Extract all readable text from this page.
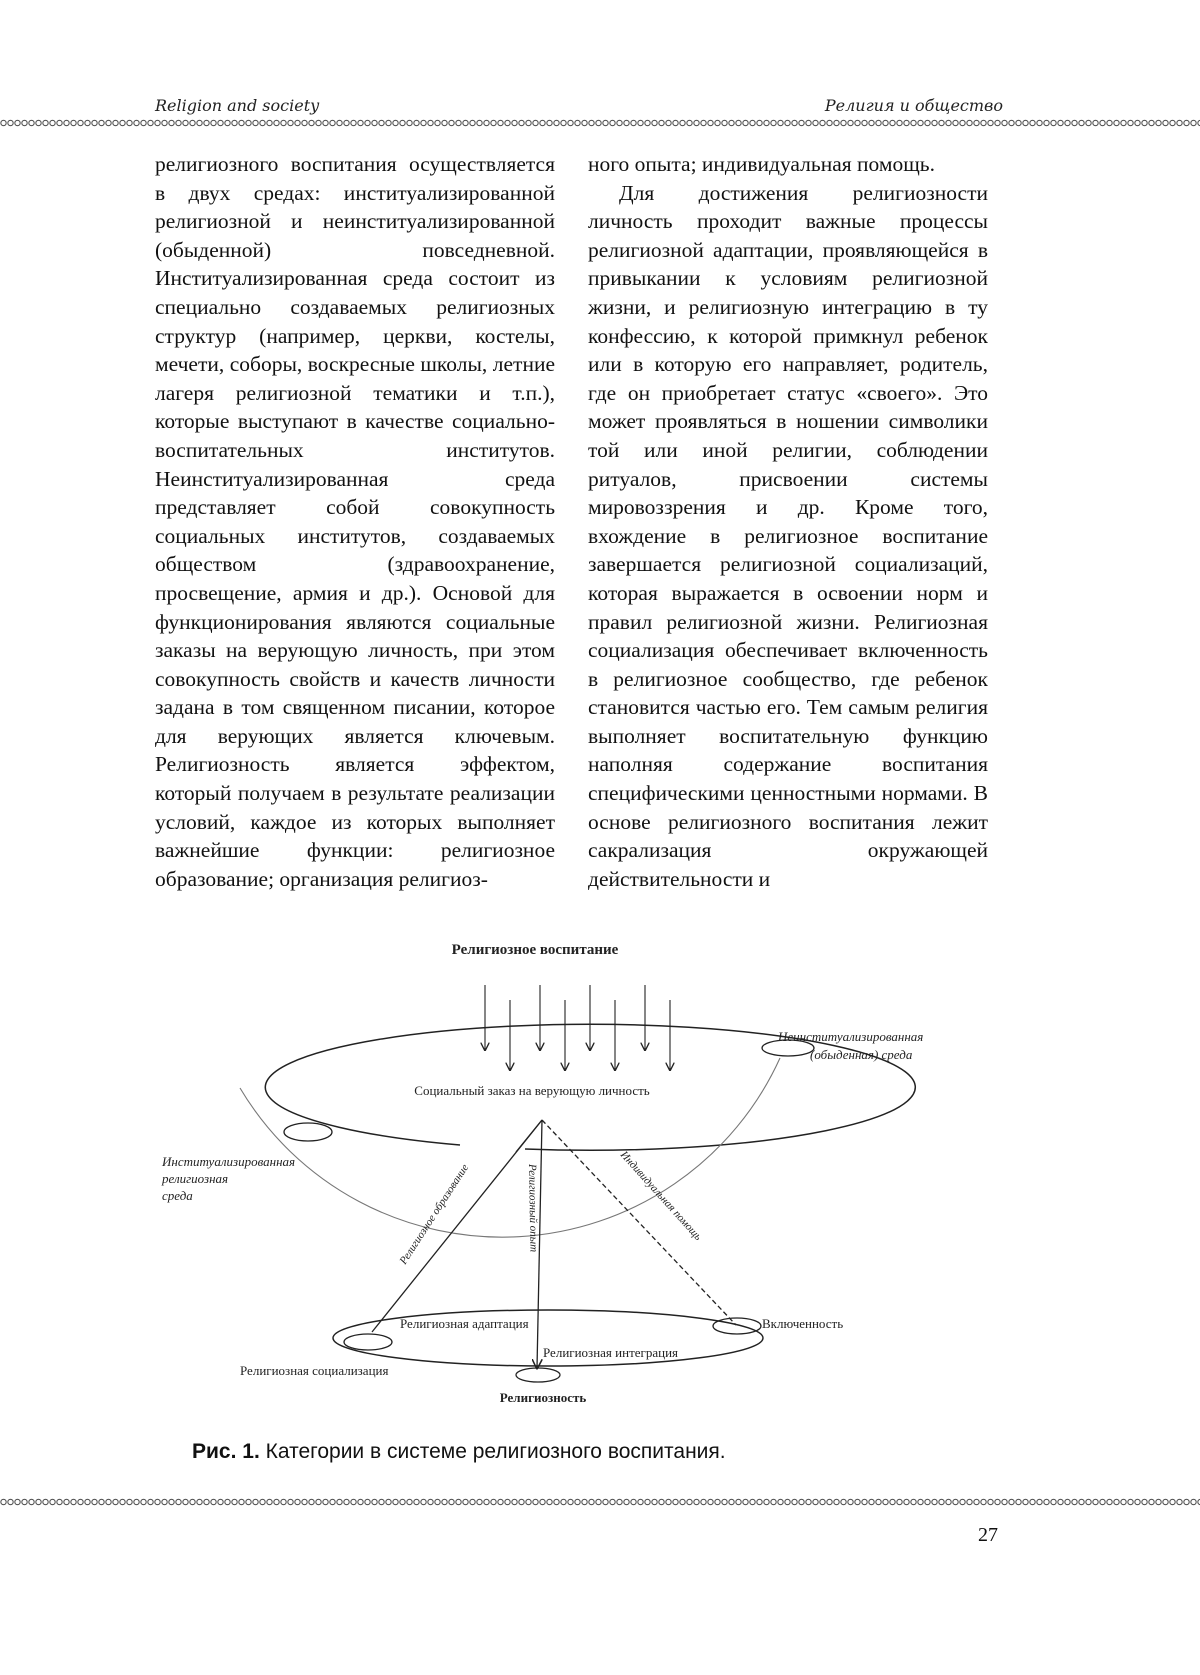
Religion and society	Религия и общество

религиозного воспитания осуществляется в двух средах: институализированной религиозной и неинституализированной (обыденной) повседневной. Институализированная среда состоит из специально создаваемых религиозных структур (например, церкви, костелы, мечети, соборы, воскресные школы, летние лагеря религиозной тематики и т.п.), которые выступают в качестве социально-воспитательных институтов. Неинституализированная среда представляет собой совокупность социальных институтов, создаваемых обществом (здравоохранение, просвещение, армия и др.). Основой для функционирования являются социальные заказы на верующую личность, при этом совокупность свойств и качеств личности задана в том священном писании, которое для верующих является ключевым. Религиозность является эффектом, который получаем в результате реализации условий, каждое из которых выполняет важнейшие функции: религиозное образование; организация религиоз-

ного опыта; индивидуальная помощь.

Для достижения религиозности личность проходит важные процессы религиозной адаптации, проявляющейся в привыкании к условиям религиозной жизни, и религиозную интеграцию в ту конфессию, к которой примкнул ребенок или в которую его направляет, родитель, где он приобретает статус «своего». Это может проявляться в ношении символики той или иной религии, соблюдении ритуалов, присвоении системы мировоззрения и др. Кроме того, вхождение в религиозное воспитание завершается религиозной социализаций, которая выражается в освоении норм и правил религиозной жизни. Религиозная социализация обеспечивает включенность в религиозное сообщество, где ребенок становится частью его. Тем самым религия выполняет воспитательную функцию наполняя содержание воспитания специфическими ценностными нормами. В основе религиозного воспитания лежит сакрализация окружающей действительности и

Религиозное воспитание
Социальный заказ на верующую личность
Неинституализированная
(обыденная) среда
Институализированная
религиозная
среда	Религиозное образование	Религиозный опыт	Индивидуальная помощь
Религиозная адаптация	Включенность
Религиозная интеграция
Религиозная социализация
Религиозность
Рис. 1. Категории в системе религиозного воспитания.
27
